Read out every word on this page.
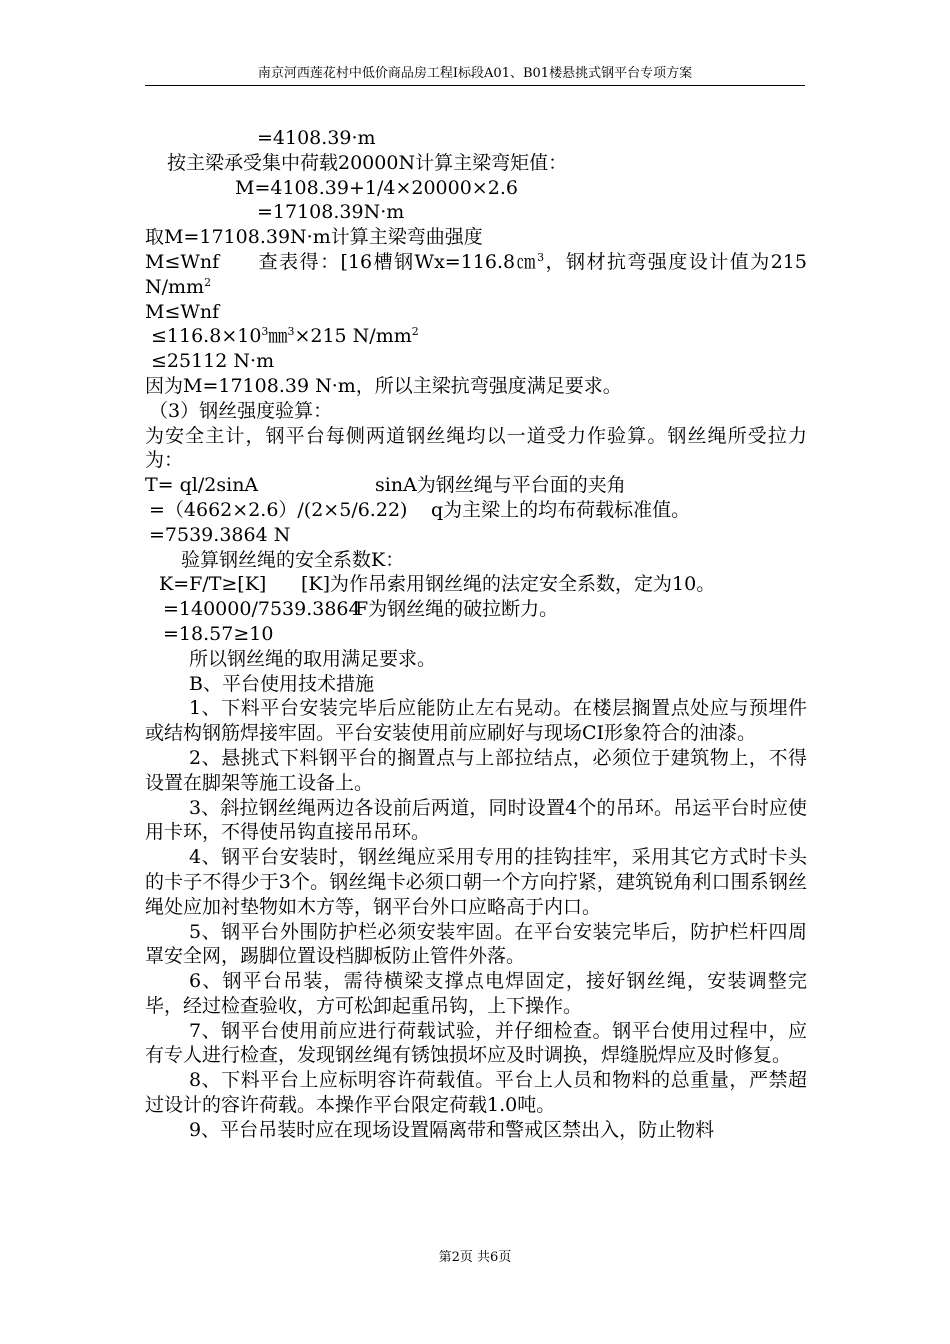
南京河西莲花村中低价商品房工程I标段A01、B01楼悬挑式钢平台专项方案

=4108.39·m

按主梁承受集中荷载20000N计算主梁弯矩值：

M=4108.39+1/4×20000×2.6

=17108.39N·m

取M=17108.39N·m计算主梁弯曲强度

M≤Wnf 查表得：[16槽钢Wx=116.8㎝$^3$，钢材抗弯强度设计值为215 $N/mm^2$

M≤Wnf

$\le 116.8\times 10^3㎜^3\times 215$ $N/mm^2$

≤25112 N·m

因为M=17108.39 N·m，所以主梁抗弯强度满足要求。

（3）钢丝强度验算：

为安全主计，钢平台每侧两道钢丝绳均以一道受力作验算。钢丝绳所受拉力为：

T= ql/2sinA	sinA为钢丝绳与平台面的夹角

=（4662×2.6）/(2×5/6.22) q为主梁上的均布荷载标准值。

=7539.3864 N

验算钢丝绳的安全系数K：

K=F/T≥[K] [K]为作吊索用钢丝绳的法定安全系数，定为10。

=140000/7539.3864F为钢丝绳的破拉断力。

=18.57≥10

所以钢丝绳的取用满足要求。

B、平台使用技术措施

1、下料平台安装完毕后应能防止左右晃动。在楼层搁置点处应与预埋件或结构钢筋焊接牢固。平台安装使用前应刷好与现场CI形象符合的油漆。

2、悬挑式下料钢平台的搁置点与上部拉结点，必须位于建筑物上，不得设置在脚架等施工设备上。

3、斜拉钢丝绳两边各设前后两道，同时设置4个的吊环。吊运平台时应使用卡环，不得使吊钩直接吊吊环。

4、钢平台安装时，钢丝绳应采用专用的挂钩挂牢，采用其它方式时卡头的卡子不得少于3个。钢丝绳卡必须口朝一个方向拧紧，建筑锐角利口围系钢丝绳处应加衬垫物如木方等，钢平台外口应略高于内口。

5、钢平台外围防护栏必须安装牢固。在平台安装完毕后，防护栏杆四周罩安全网，踢脚位置设档脚板防止管件外落。

6、钢平台吊装，需待横梁支撑点电焊固定，接好钢丝绳，安装调整完毕，经过检查验收，方可松卸起重吊钩，上下操作。

7、钢平台使用前应进行荷载试验，并仔细检查。钢平台使用过程中，应有专人进行检查，发现钢丝绳有锈蚀损坏应及时调换，焊缝脱焊应及时修复。

8、下料平台上应标明容许荷载值。平台上人员和物料的总重量，严禁超过设计的容许荷载。本操作平台限定荷载1.0吨。

9、平台吊装时应在现场设置隔离带和警戒区禁出入，防止物料

第2页 共6页
